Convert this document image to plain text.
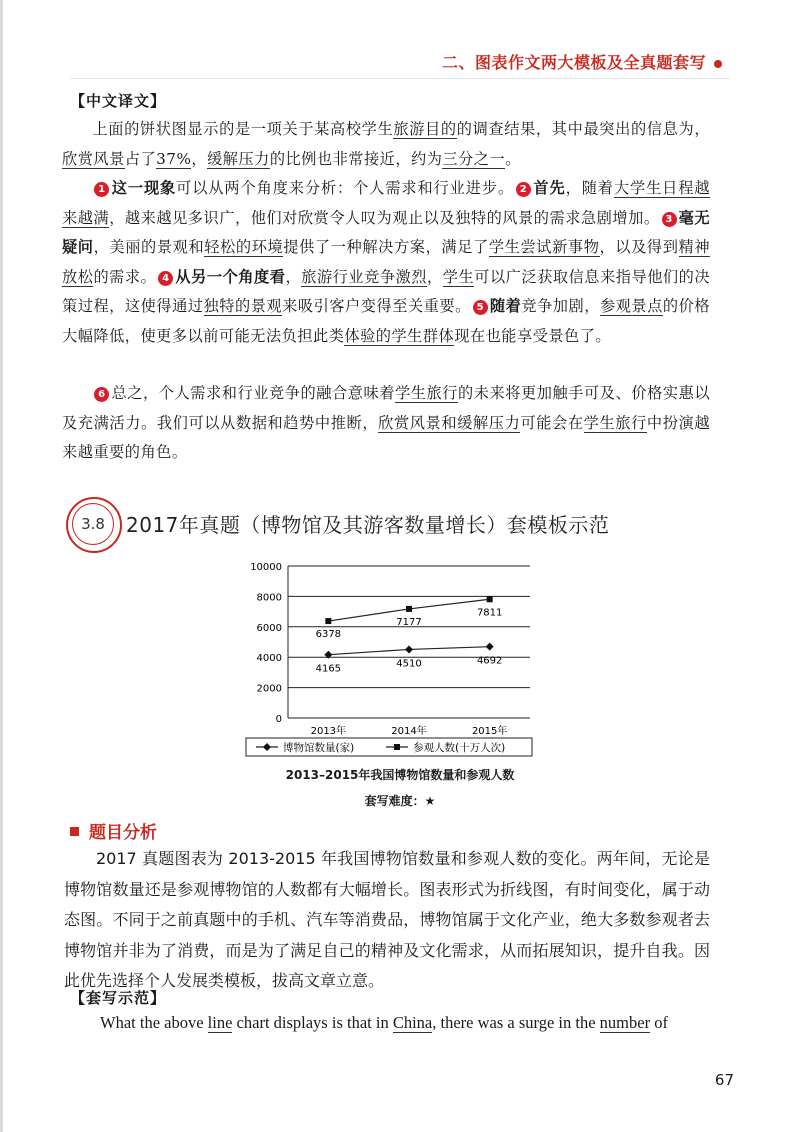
二、图表作文两大模板及全真题套写
【中文译文】

上面的饼状图显示的是一项关于某高校学生旅游目的的调查结果，其中最突出的信息为，欣赏风景占了37%，缓解压力的比例也非常接近，约为三分之一。

1 这一现象可以从两个角度来分析：个人需求和行业进步。 2 首先，随着大学生日程越来越满，越来越见多识广，他们对欣赏令人叹为观止以及独特的风景的需求急剧增加。 3 毫无疑问，美丽的景观和轻松的环境提供了一种解决方案，满足了学生尝试新事物，以及得到精神放松的需求。 4 从另一个角度看，旅游行业竞争激烈，学生可以广泛获取信息来指导他们的决策过程，这使得通过独特的景观来吸引客户变得至关重要。 5 随着竞争加剧，参观景点的价格大幅降低，使更多以前可能无法负担此类体验的学生群体现在也能享受景色了。

6 总之，个人需求和行业竞争的融合意味着学生旅行的未来将更加触手可及、价格实惠以及充满活力。我们可以从数据和趋势中推断，欣赏风景和缓解压力可能会在学生旅行中扮演越来越重要的角色。

3.8	2017年真题（博物馆及其游客数量增长）套模板示范
0
2000
4000
6000
8000
10000
2013年	2014年	2015年
4165	4510	4692
6378
7177
7811
博物馆数量(家)	参观人数(十万人次)
2013–2015年我国博物馆数量和参观人数
套写难度：★
题目分析

2017 真题图表为 2013-2015 年我国博物馆数量和参观人数的变化。两年间，无论是博物馆数量还是参观博物馆的人数都有大幅增长。图表形式为折线图，有时间变化，属于动态图。不同于之前真题中的手机、汽车等消费品，博物馆属于文化产业，绝大多数参观者去博物馆并非为了消费，而是为了满足自己的精神及文化需求，从而拓展知识，提升自我。因此优先选择个人发展类模板，拔高文章立意。

【套写示范】
What the above line chart displays is that in China, there was a surge in the number of
67
